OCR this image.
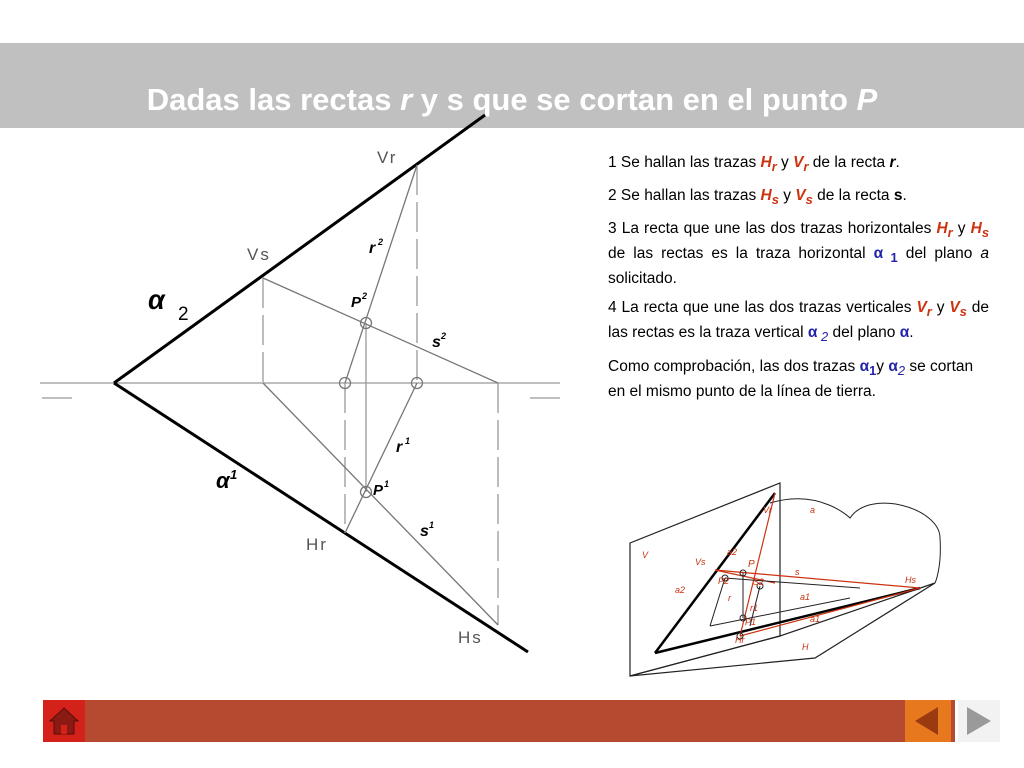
Dadas las rectas r y s que se cortan en el punto P
Vr
Vs
Hr
Hs
α 2
α 1
r 2
P 2
s 2
r 1
P 1
s 1

1 Se hallan las trazas $H_r$ y $V_r$ de la recta r.

2 Se hallan las trazas $H_s$ y $V_s$ de la recta s.

3 La recta que une las dos trazas horizontales $H_r$ y $H_s$ de las rectas es la traza horizontal α $_1$ del plano a solicitado.

4 La recta que une las dos trazas verticales $V_r$ y $V_s$ de las rectas es la traza vertical α $_2$ del plano α.

Como comprobación, las dos trazas $\alpha_1y$ $\alpha_2$ se cortan en el mismo punto de la línea de tierra.

a
V
H
Vr
Vs
a2
P
P2	S2
s
Hs
a2
r
r1
a1
a1
P1
Hr
